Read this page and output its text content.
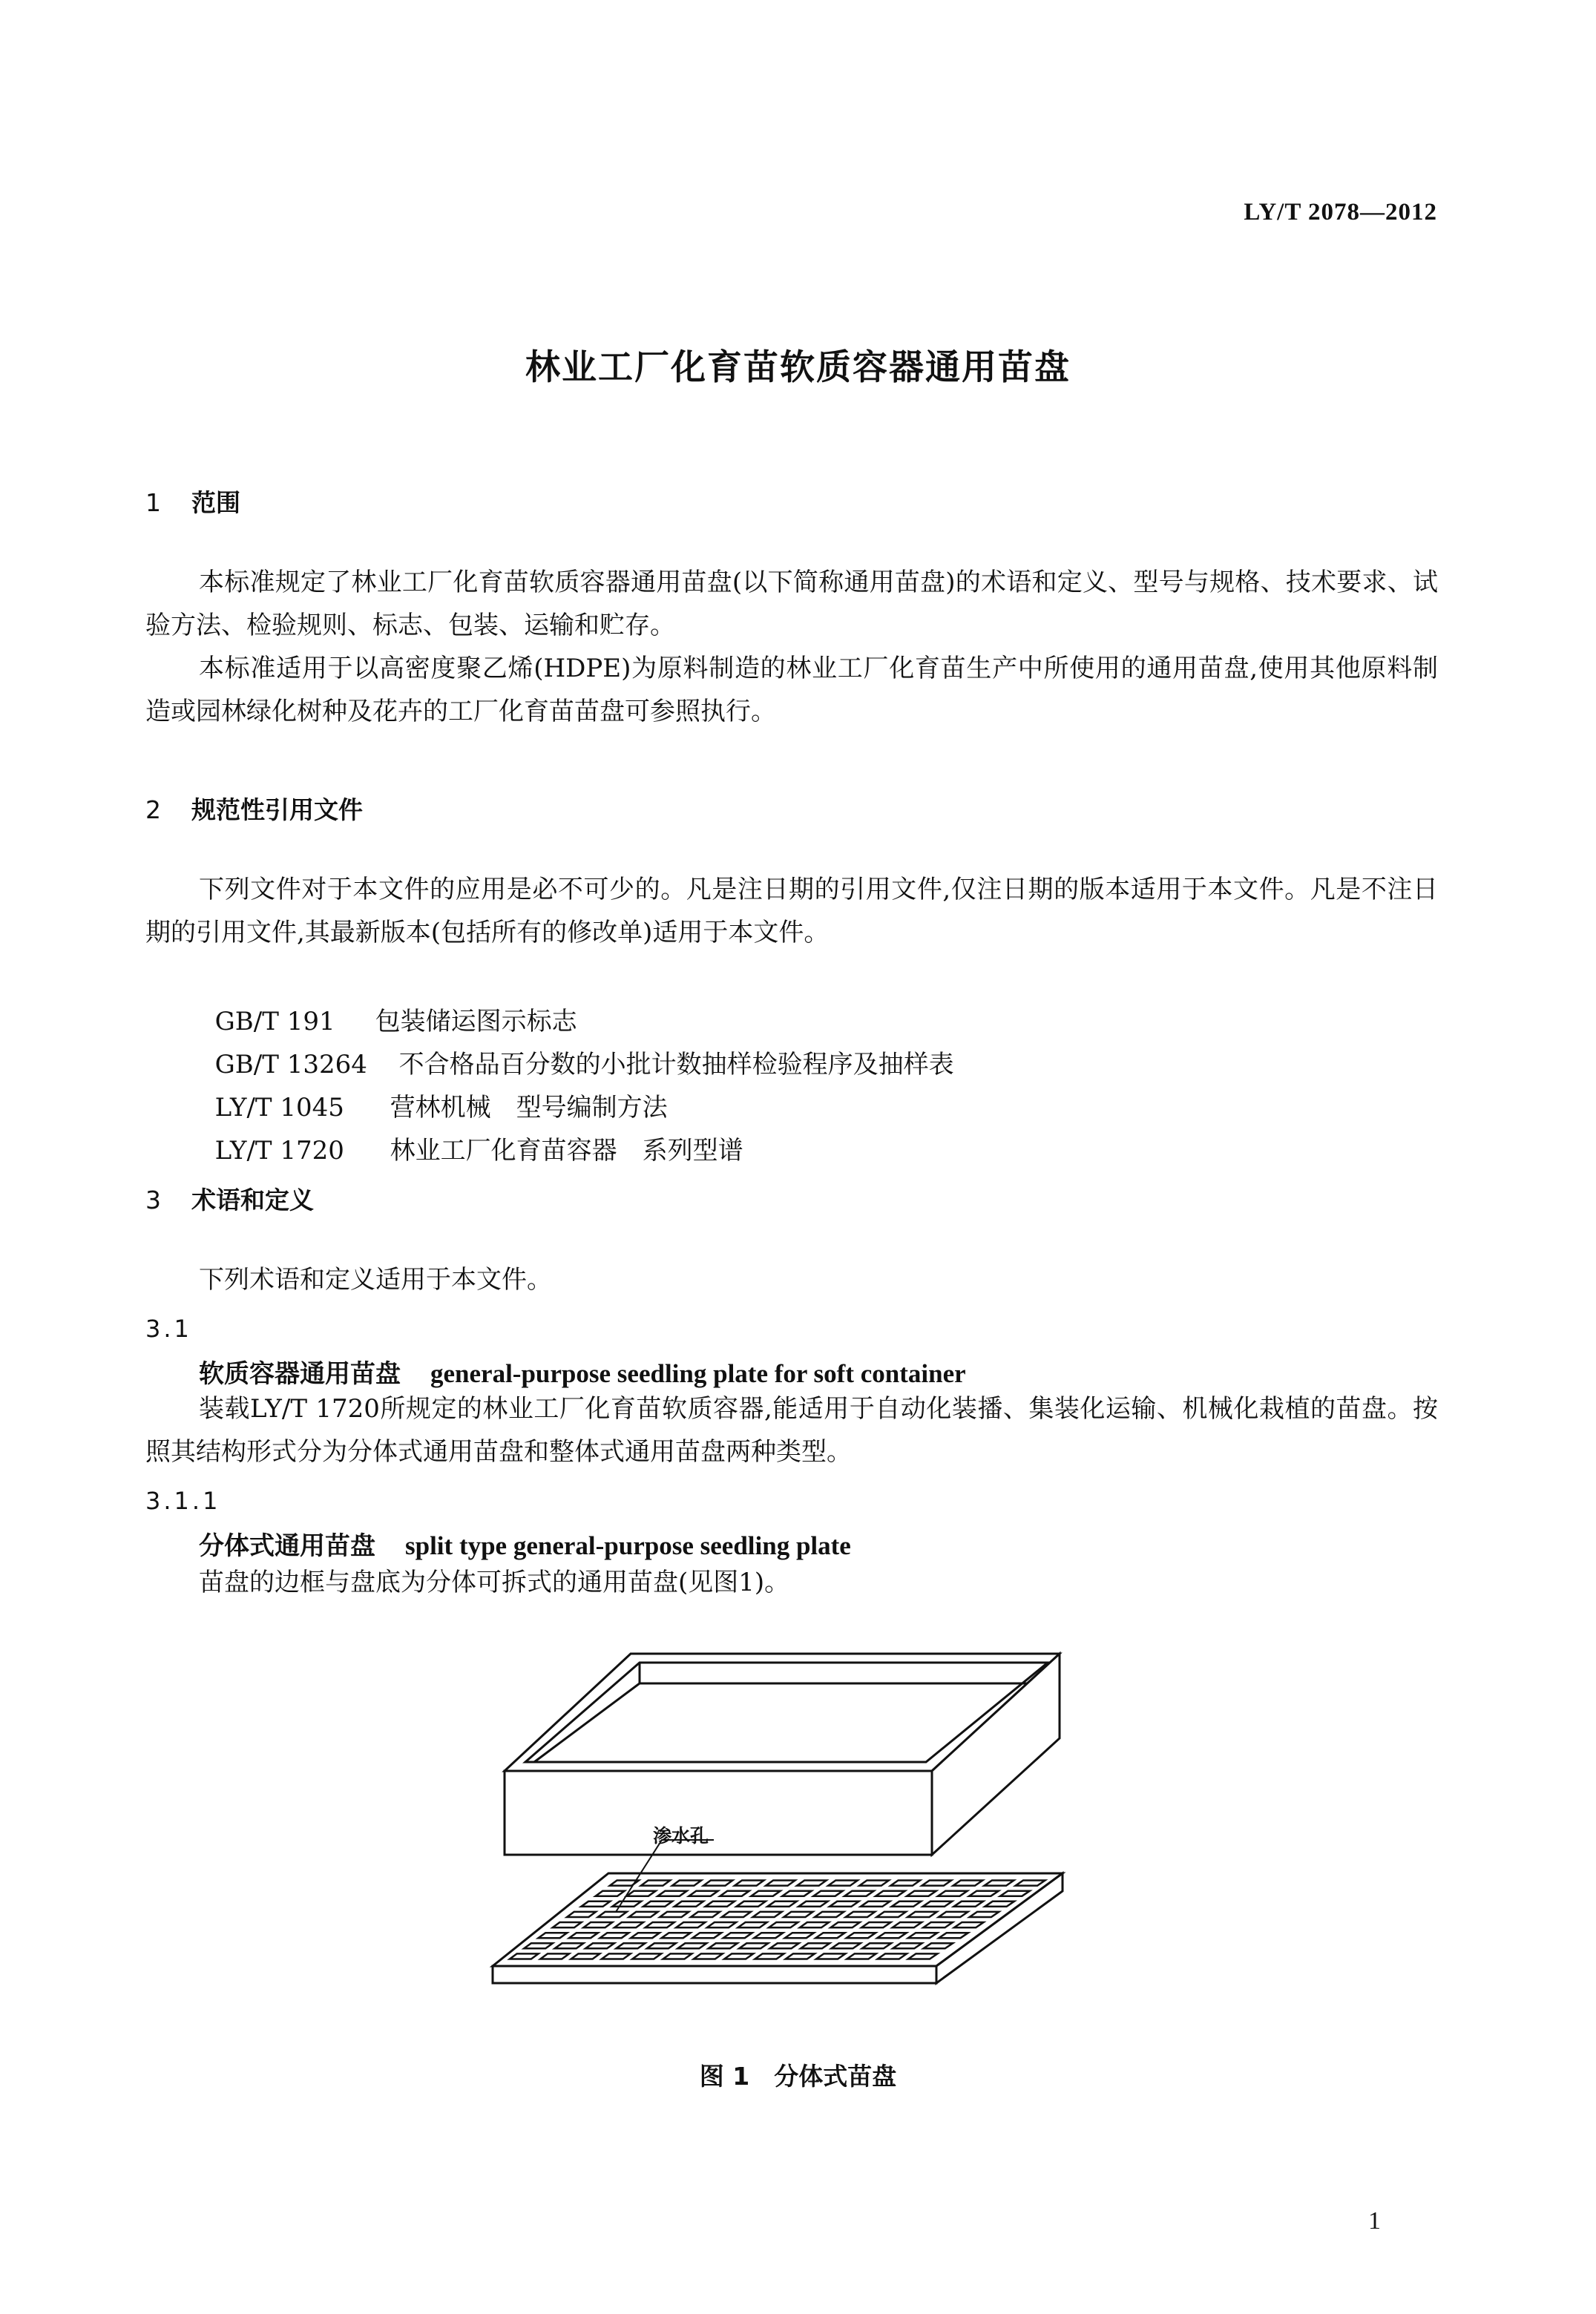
LY/T 2078—2012
林业工厂化育苗软质容器通用苗盘
1 范围
本标准规定了林业工厂化育苗软质容器通用苗盘(以下简称通用苗盘)的术语和定义、型号与规格、技术要求、试验方法、检验规则、标志、包装、运输和贮存。
本标准适用于以高密度聚乙烯(HDPE)为原料制造的林业工厂化育苗生产中所使用的通用苗盘,使用其他原料制造或园林绿化树种及花卉的工厂化育苗苗盘可参照执行。
2 规范性引用文件
下列文件对于本文件的应用是必不可少的。凡是注日期的引用文件,仅注日期的版本适用于本文件。凡是不注日期的引用文件,其最新版本(包括所有的修改单)适用于本文件。

GB/T 191 包装储运图示标志

GB/T 13264 不合格品百分数的小批计数抽样检验程序及抽样表

LY/T 1045 营林机械　型号编制方法

LY/T 1720 林业工厂化育苗容器　系列型谱

3 术语和定义
下列术语和定义适用于本文件。
3.1
软质容器通用苗盘 general-purpose seedling plate for soft container
装载LY/T 1720所规定的林业工厂化育苗软质容器,能适用于自动化装播、集装化运输、机械化栽植的苗盘。按照其结构形式分为分体式通用苗盘和整体式通用苗盘两种类型。
3.1.1
分体式通用苗盘 split type general-purpose seedling plate
苗盘的边框与盘底为分体可拆式的通用苗盘(见图1)。
渗水孔
图 1　分体式苗盘
1
